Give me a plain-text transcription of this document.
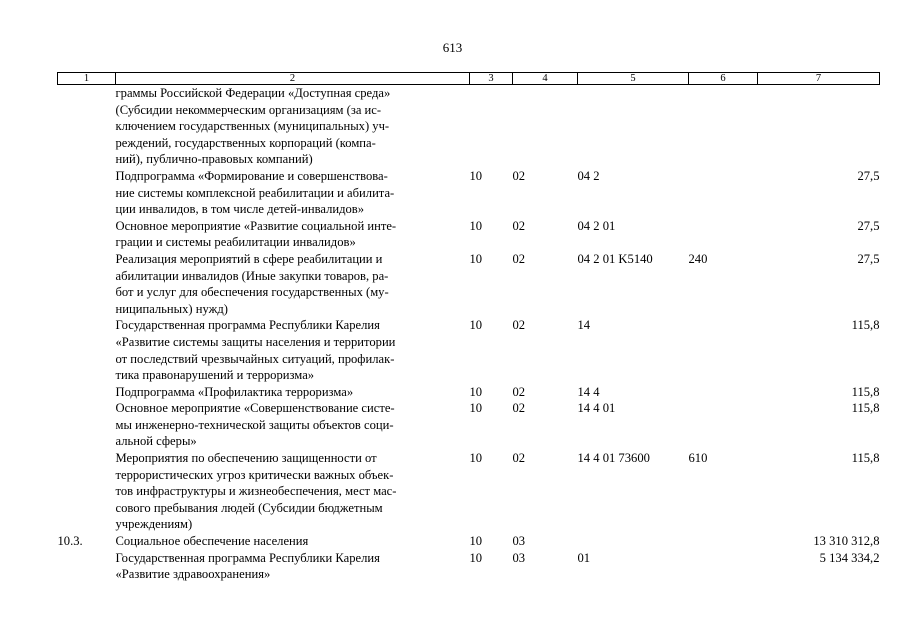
613
1	2	3	4	5	6	7

	граммы Российской Федерации «Доступная среда»
(Субсидии некоммерческим организациям (за ис-
ключением государственных (муниципальных) уч-
реждений, государственных корпораций (компа-
ний), публично-правовых компаний)					

	Подпрограмма «Формирование и совершенствова-
ние системы комплексной реабилитации и абилита-
ции инвалидов, в том числе детей-инвалидов»	10	02	04 2		27,5

	Основное мероприятие «Развитие социальной инте-
грации и системы реабилитации инвалидов»	10	02	04 2 01		27,5

	Реализация мероприятий в сфере реабилитации и
абилитации инвалидов (Иные закупки товаров, ра-
бот и услуг для обеспечения государственных (му-
ниципальных) нужд)	10	02	04 2 01 K5140	240	27,5

	Государственная программа Республики Карелия
«Развитие системы защиты населения и территории
от последствий чрезвычайных ситуаций, профилак-
тика правонарушений и терроризма»	10	02	14		115,8

	Подпрограмма «Профилактика терроризма»	10	02	14 4		115,8

	Основное мероприятие «Совершенствование систе-
мы инженерно-технической защиты объектов соци-
альной сферы»	10	02	14 4 01		115,8

	Мероприятия по обеспечению защищенности от
террористических угроз критически важных объек-
тов инфраструктуры и жизнеобеспечения, мест мас-
сового пребывания людей (Субсидии бюджетным
учреждениям)	10	02	14 4 01 73600	610	115,8
10.3.	Социальное обеспечение населения	10	03			13 310 312,8

	Государственная программа Республики Карелия
«Развитие здравоохранения»	10	03	01		5 134 334,2
